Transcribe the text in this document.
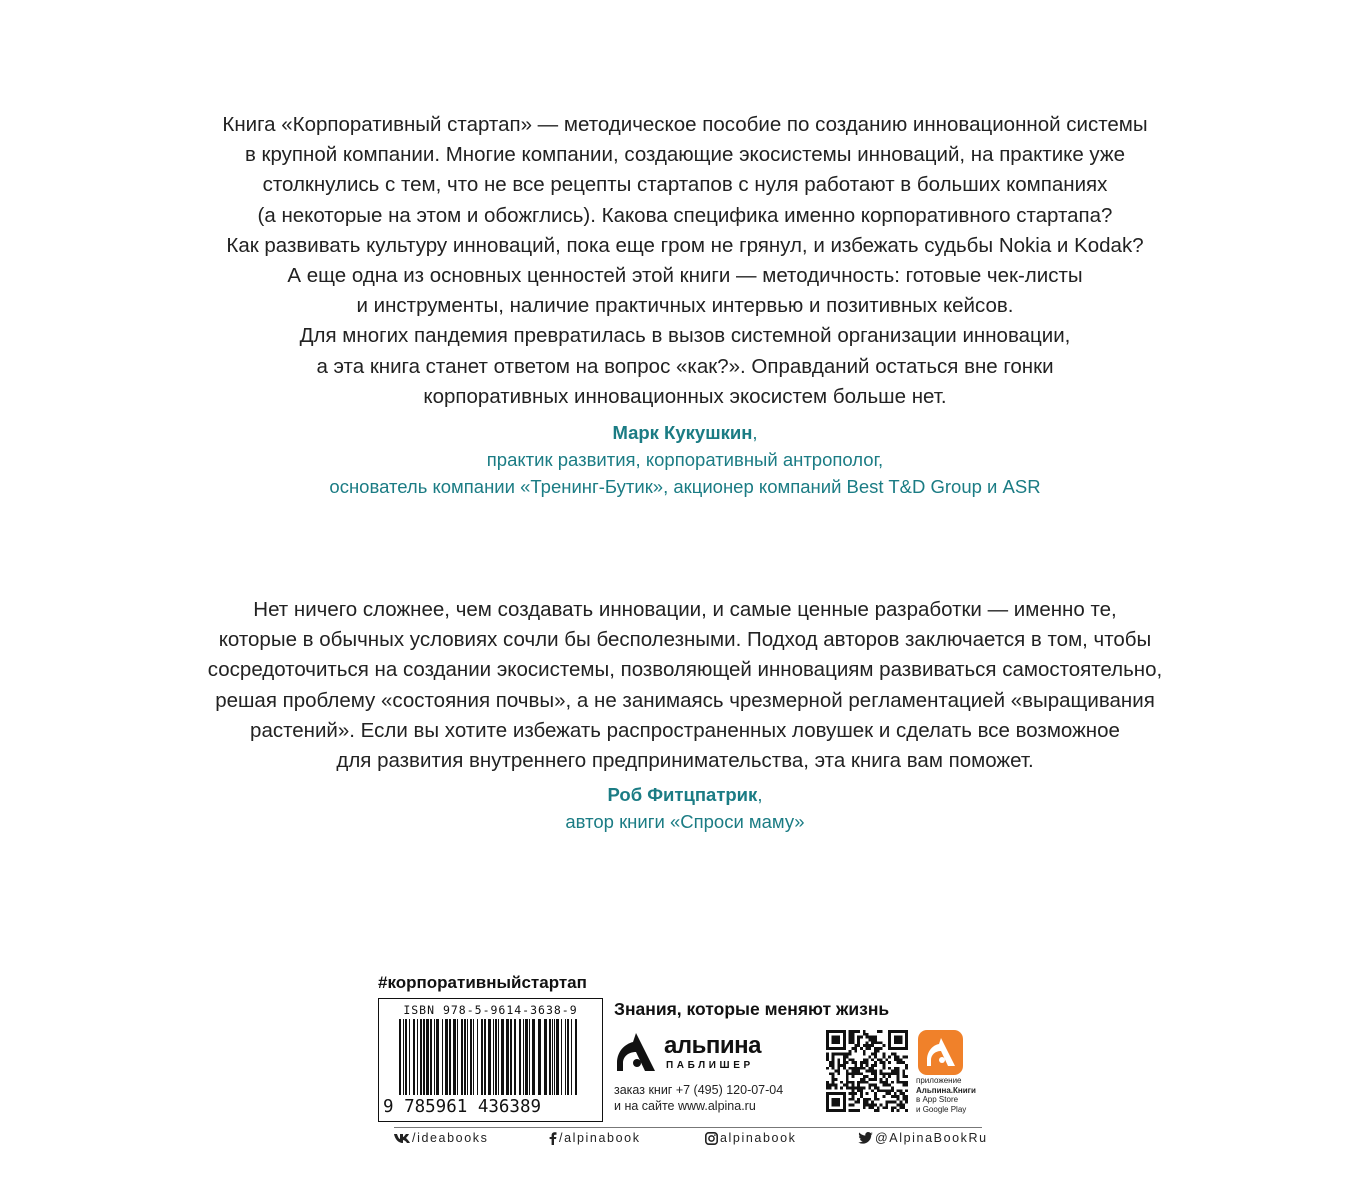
Книга «Корпоративный стартап» — методическое пособие по созданию инновационной системы
в крупной компании. Многие компании, создающие экосистемы инноваций, на практике уже
столкнулись с тем, что не все рецепты стартапов с нуля работают в больших компаниях
(а некоторые на этом и обожглись). Какова специфика именно корпоративного стартапа?
Как развивать культуру инноваций, пока еще гром не грянул, и избежать судьбы Nokia и Kodak?
А еще одна из основных ценностей этой книги — методичность: готовые чек-листы
и инструменты, наличие практичных интервью и позитивных кейсов.
Для многих пандемия превратилась в вызов системной организации инновации,
а эта книга станет ответом на вопрос «как?». Оправданий остаться вне гонки
корпоративных инновационных экосистем больше нет.
Марк Кукушкин,
практик развития, корпоративный антрополог,
основатель компании «Тренинг-Бутик», акционер компаний Best T&D Group и ASR
Нет ничего сложнее, чем создавать инновации, и самые ценные разработки — именно те,
которые в обычных условиях сочли бы бесполезными. Подход авторов заключается в том, чтобы
сосредоточиться на создании экосистемы, позволяющей инновациям развиваться самостоятельно,
решая проблему «состояния почвы», а не занимаясь чрезмерной регламентацией «выращивания
растений». Если вы хотите избежать распространенных ловушек и сделать все возможное
для развития внутреннего предпринимательства, эта книга вам поможет.
Роб Фитцпатрик,
автор книги «Спроси маму»
#корпоративныйстартап
ISBN 978-5-9614-3638-9
9 785961 436389
Знания, которые меняют жизнь
альпина
ПАБЛИШЕР
заказ книг +7 (495) 120-07-04
и на сайте www.alpina.ru
приложение
Альпина.Книги
в App Store
и Google Play
/ideabooks	/alpinabook	alpinabook	@AlpinaBookRu
